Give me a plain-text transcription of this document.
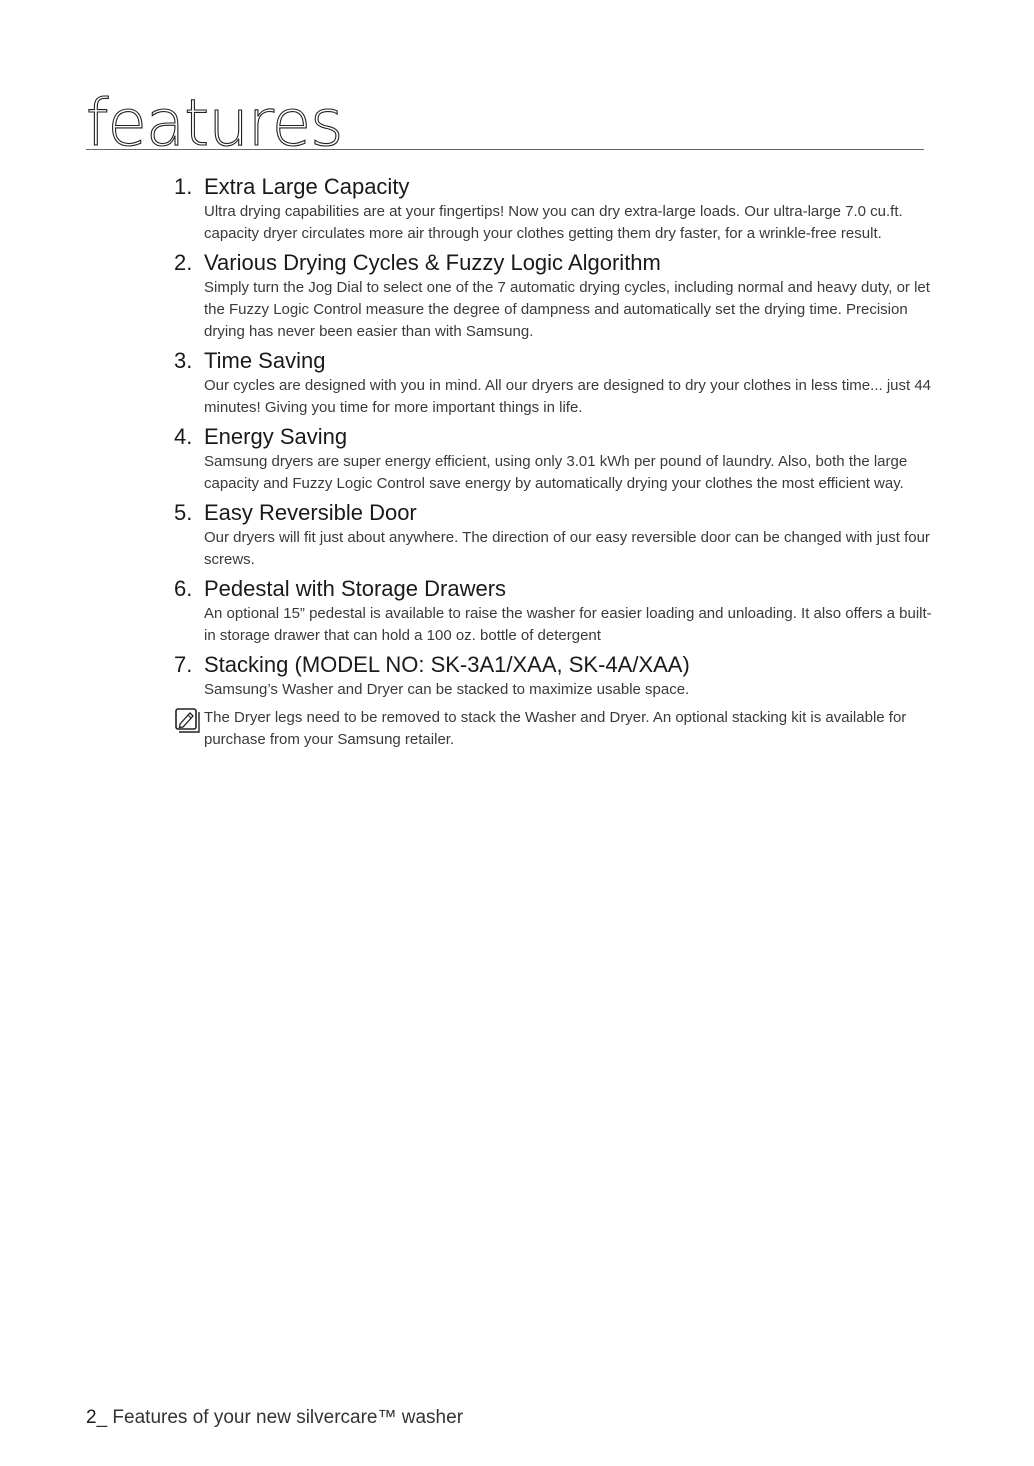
features
1. Extra Large Capacity

Ultra drying capabilities are at your fingertips! Now you can dry extra-large loads. Our ultra-large 7.0 cu.ft. capacity dryer circulates more air through your clothes getting them dry faster, for a wrinkle-free result.

2. Various Drying Cycles & Fuzzy Logic Algorithm

Simply turn the Jog Dial to select one of the 7 automatic drying cycles, including normal and heavy duty, or let the Fuzzy Logic Control measure the degree of dampness and automatically set the drying time. Precision drying has never been easier than with Samsung.

3. Time Saving

Our cycles are designed with you in mind. All our dryers are designed to dry your clothes in less time... just 44 minutes! Giving you time for more important things in life.

4. Energy Saving

Samsung dryers are super energy efficient, using only 3.01 kWh per pound of laundry. Also, both the large capacity and Fuzzy Logic Control save energy by automatically drying your clothes the most efficient way.

5. Easy Reversible Door

Our dryers will fit just about anywhere. The direction of our easy reversible door can be changed with just four screws.

6. Pedestal with Storage Drawers

An optional 15” pedestal is available to raise the washer for easier loading and unloading. It also offers a built-in storage drawer that can hold a 100 oz. bottle of detergent

7. Stacking (MODEL NO: SK-3A1/XAA, SK-4A/XAA)

Samsung’s Washer and Dryer can be stacked to maximize usable space.

The Dryer legs need to be removed to stack the Washer and Dryer. An optional stacking kit is available for purchase from your Samsung retailer.
2_ Features of your new silvercare™ washer
